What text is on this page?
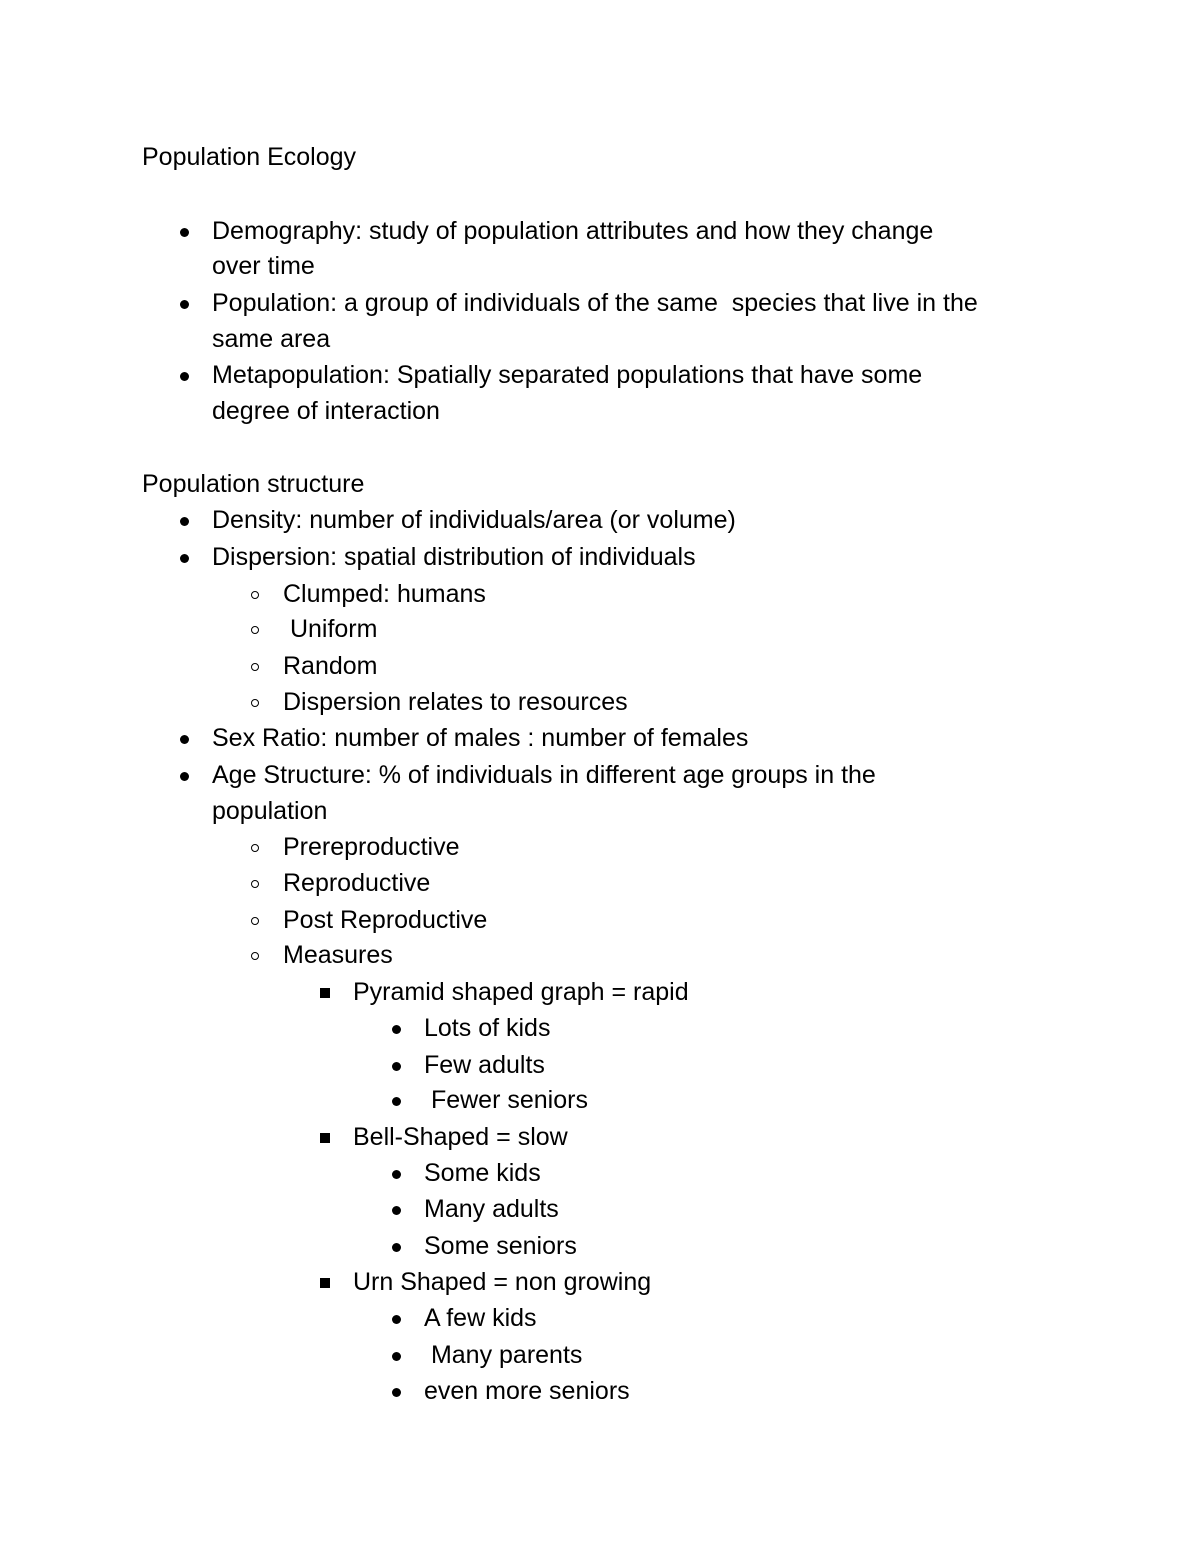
Population Ecology
Demography: study of population attributes and how they change
over time
Population: a group of individuals of the same  species that live in the
same area
Metapopulation: Spatially separated populations that have some
degree of interaction
Population structure
Density: number of individuals/area (or volume)
Dispersion: spatial distribution of individuals
Clumped: humans
Uniform
Random
Dispersion relates to resources
Sex Ratio: number of males : number of females
Age Structure: % of individuals in different age groups in the
population
Prereproductive
Reproductive
Post Reproductive
Measures
Pyramid shaped graph = rapid
Lots of kids
Few adults
Fewer seniors
Bell-Shaped = slow
Some kids
Many adults
Some seniors
Urn Shaped = non growing
A few kids
Many parents
even more seniors
